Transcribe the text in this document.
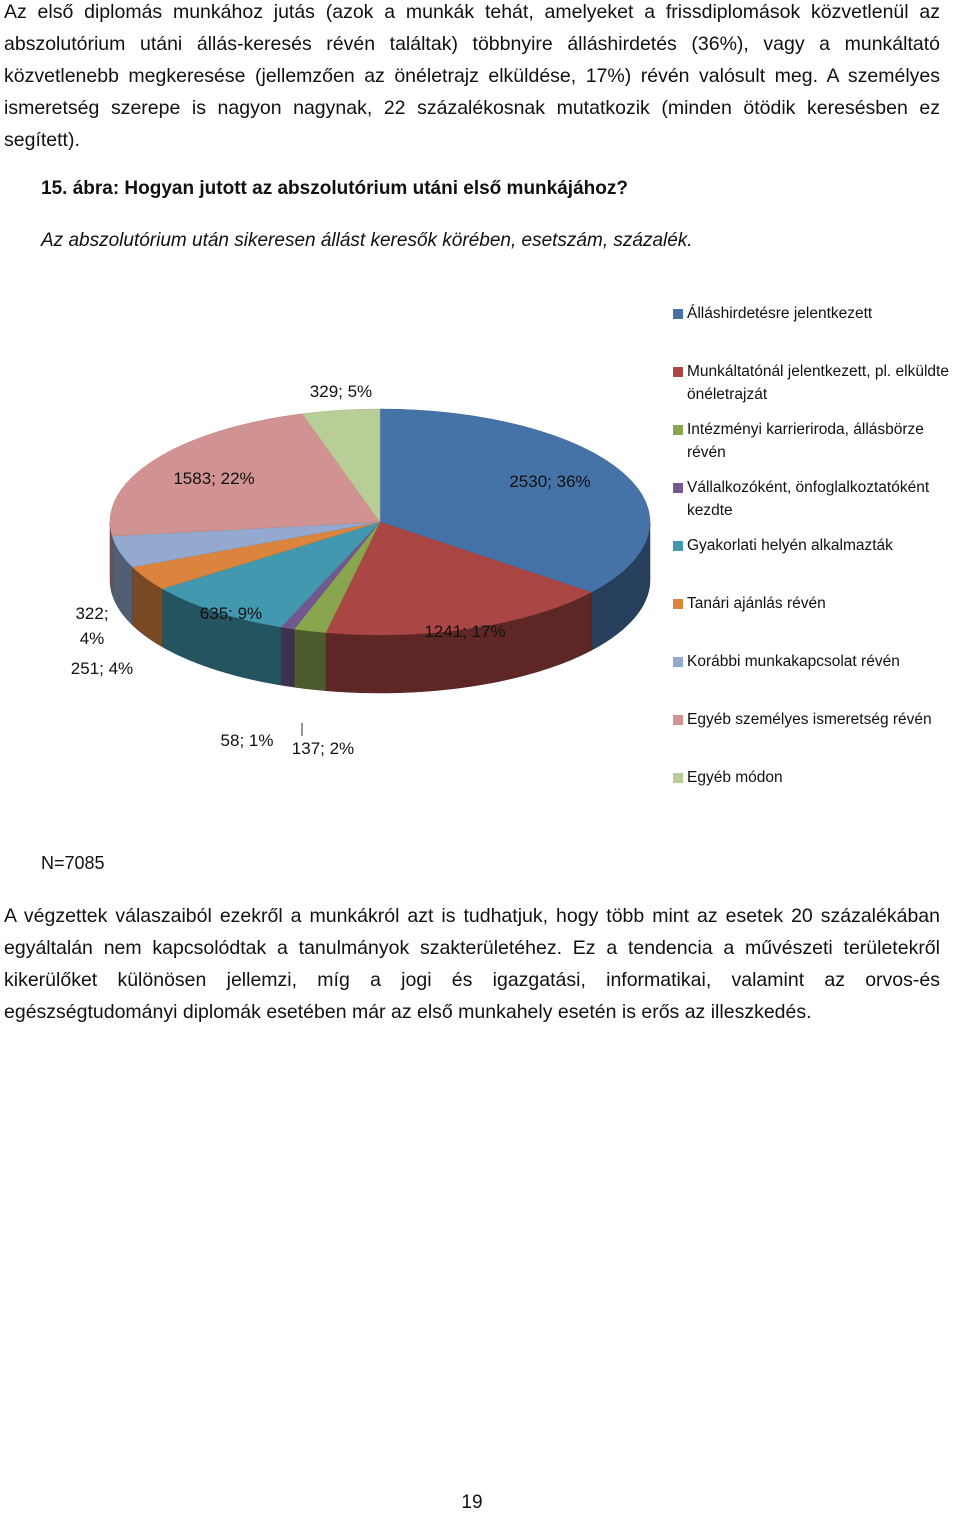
Az első diplomás munkához jutás (azok a munkák tehát, amelyeket a frissdiplomások közvetlenül az abszolutórium utáni állás-keresés révén találtak) többnyire álláshirdetés (36%), vagy a munkáltató közvetlenebb megkeresése (jellemzően az önéletrajz elküldése, 17%) révén valósult meg. A személyes ismeretség szerepe is nagyon nagynak, 22 százalékosnak mutatkozik (minden ötödik keresésben ez segített).

15. ábra: Hogyan jutott az abszolutórium utáni első munkájához?

Az abszolutórium után sikeresen állást keresők körében, esetszám, százalék.

2530; 36%
1241; 17%
137; 2%
58; 1%
635; 9%
251; 4%
322; 4%
1583; 22%
329; 5%
Álláshirdetésre jelentkezett
Munkáltatónál jelentkezett, pl. elküldte önéletrajzát
Intézményi karrieriroda, állásbörze révén
Vállalkozóként, önfoglalkoztatóként kezdte
Gyakorlati helyén alkalmazták
Tanári ajánlás révén
Korábbi munkakapcsolat révén
Egyéb személyes ismeretség révén
Egyéb módon
N=7085

A végzettek válaszaiból ezekről a munkákról azt is tudhatjuk, hogy több mint az esetek 20 százalékában egyáltalán nem kapcsolódtak a tanulmányok szakterületéhez. Ez a tendencia a művészeti területekről kikerülőket különösen jellemzi, míg a jogi és igazgatási, informatikai, valamint az orvos-és egészségtudományi diplomák esetében már az első munkahely esetén is erős az illeszkedés.

19
